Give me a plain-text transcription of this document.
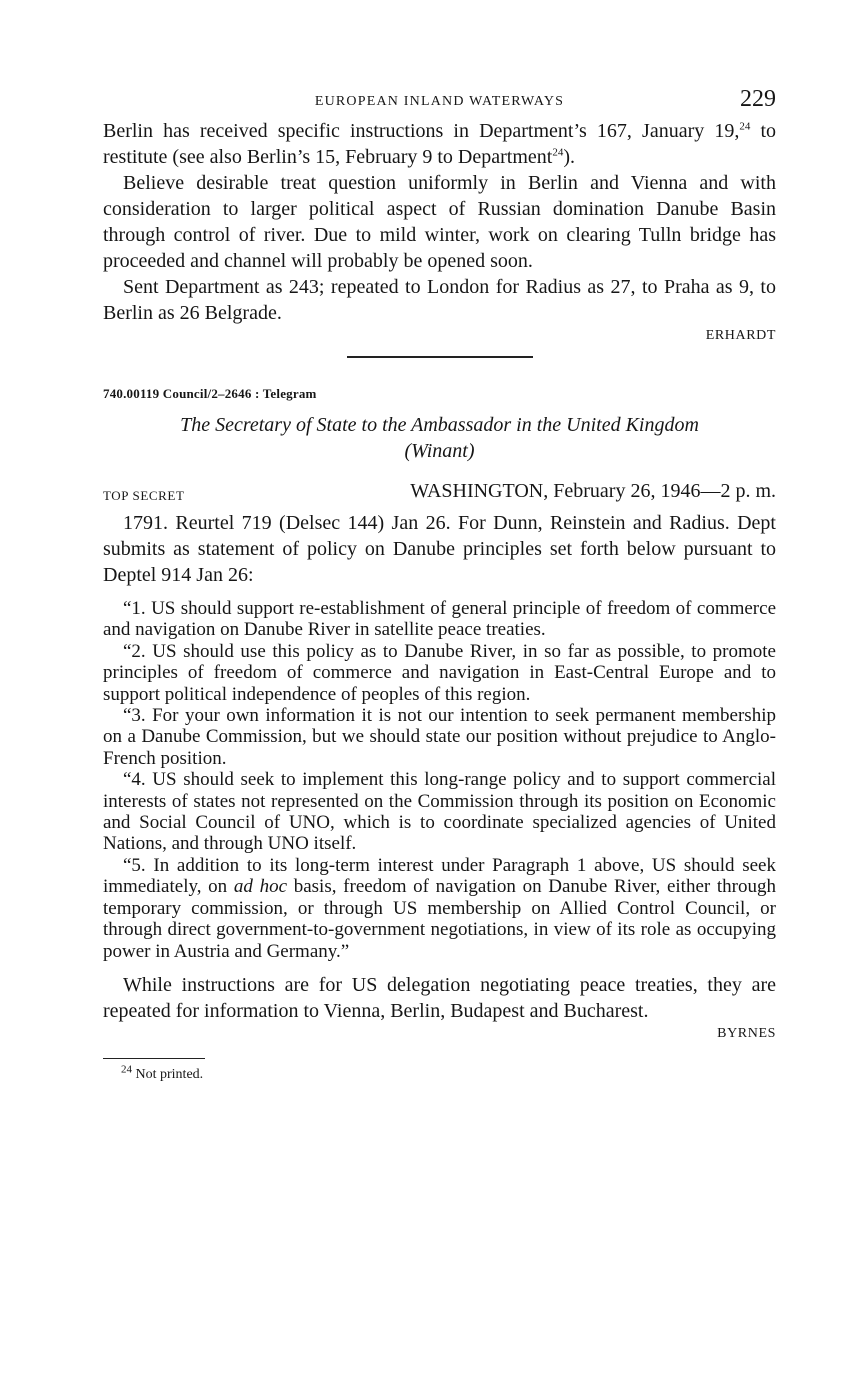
EUROPEAN INLAND WATERWAYS	229

Berlin has received specific instructions in Department’s 167, January 19,24 to restitute (see also Berlin’s 15, February 9 to Department$^{24}$).

Believe desirable treat question uniformly in Berlin and Vienna and with consideration to larger political aspect of Russian domination Danube Basin through control of river. Due to mild winter, work on clearing Tulln bridge has proceeded and channel will probably be opened soon.

Sent Department as 243; repeated to London for Radius as 27, to Praha as 9, to Berlin as 26 Belgrade.

ERHARDT
740.00119 Council/2–2646 : Telegram
The Secretary of State to the Ambassador in the United Kingdom
(Winant)
TOP SECRET	WASHINGTON, February 26, 1946—2 p. m.

1791. Reurtel 719 (Delsec 144) Jan 26. For Dunn, Reinstein and Radius. Dept submits as statement of policy on Danube principles set forth below pursuant to Deptel 914 Jan 26:

“1. US should support re-establishment of general principle of freedom of commerce and navigation on Danube River in satellite peace treaties.

“2. US should use this policy as to Danube River, in so far as possible, to promote principles of freedom of commerce and navigation in East-Central Europe and to support political independence of peoples of this region.

“3. For your own information it is not our intention to seek permanent membership on a Danube Commission, but we should state our position without prejudice to Anglo-French position.

“4. US should seek to implement this long-range policy and to support commercial interests of states not represented on the Commission through its position on Economic and Social Council of UNO, which is to coordinate specialized agencies of United Nations, and through UNO itself.

“5. In addition to its long-term interest under Paragraph 1 above, US should seek immediately, on ad hoc basis, freedom of navigation on Danube River, either through temporary commission, or through US membership on Allied Control Council, or through direct government-to-government negotiations, in view of its role as occupying power in Austria and Germany.”

While instructions are for US delegation negotiating peace treaties, they are repeated for information to Vienna, Berlin, Budapest and Bucharest.

BYRNES
$^{24}$ Not printed.
